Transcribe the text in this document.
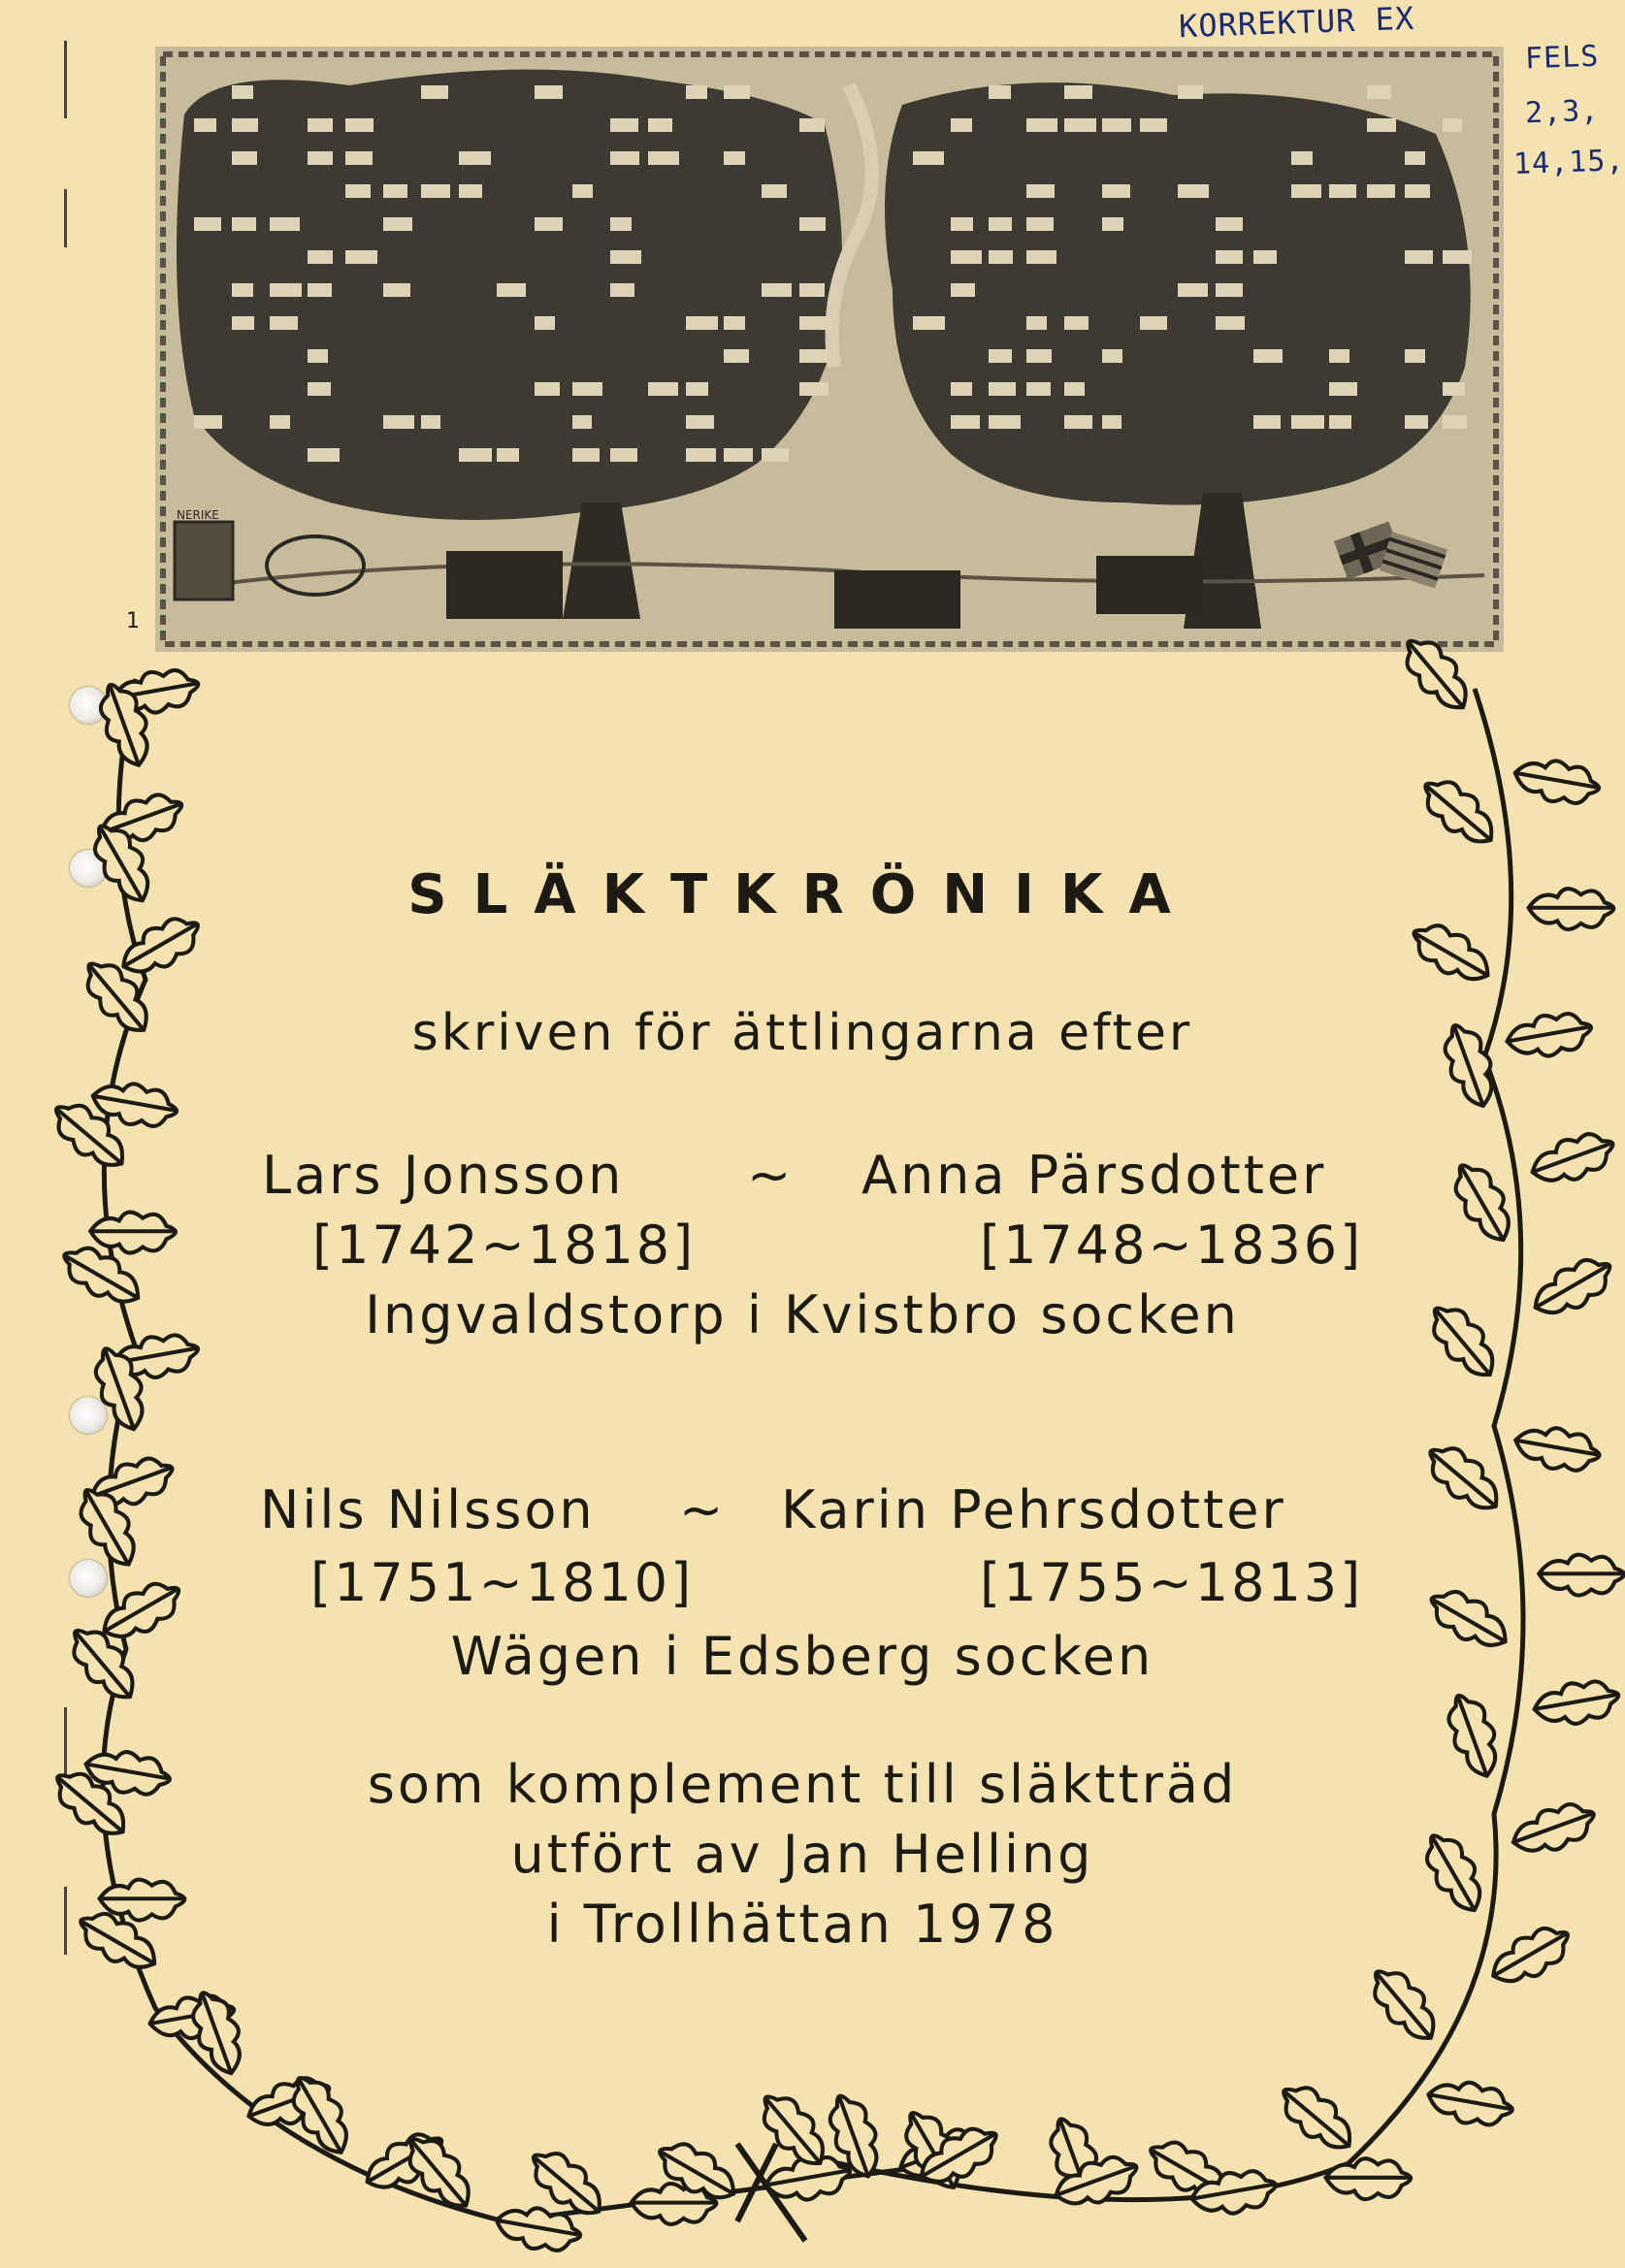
KORREKTUR EX
FELS
2,3,
14,15,
NERIKE
1
SLÄKTKRÖNIKA
skriven för ättlingarna efter
Lars Jonsson ~ Anna Pärsdotter
[1742~1818]	[1748~1836]
Ingvaldstorp i Kvistbro socken
Nils Nilsson ~ Karin Pehrsdotter
[1751~1810]	[1755~1813]
Wägen i Edsberg socken
som komplement till släktträd
utfört av Jan Helling
i Trollhättan 1978
